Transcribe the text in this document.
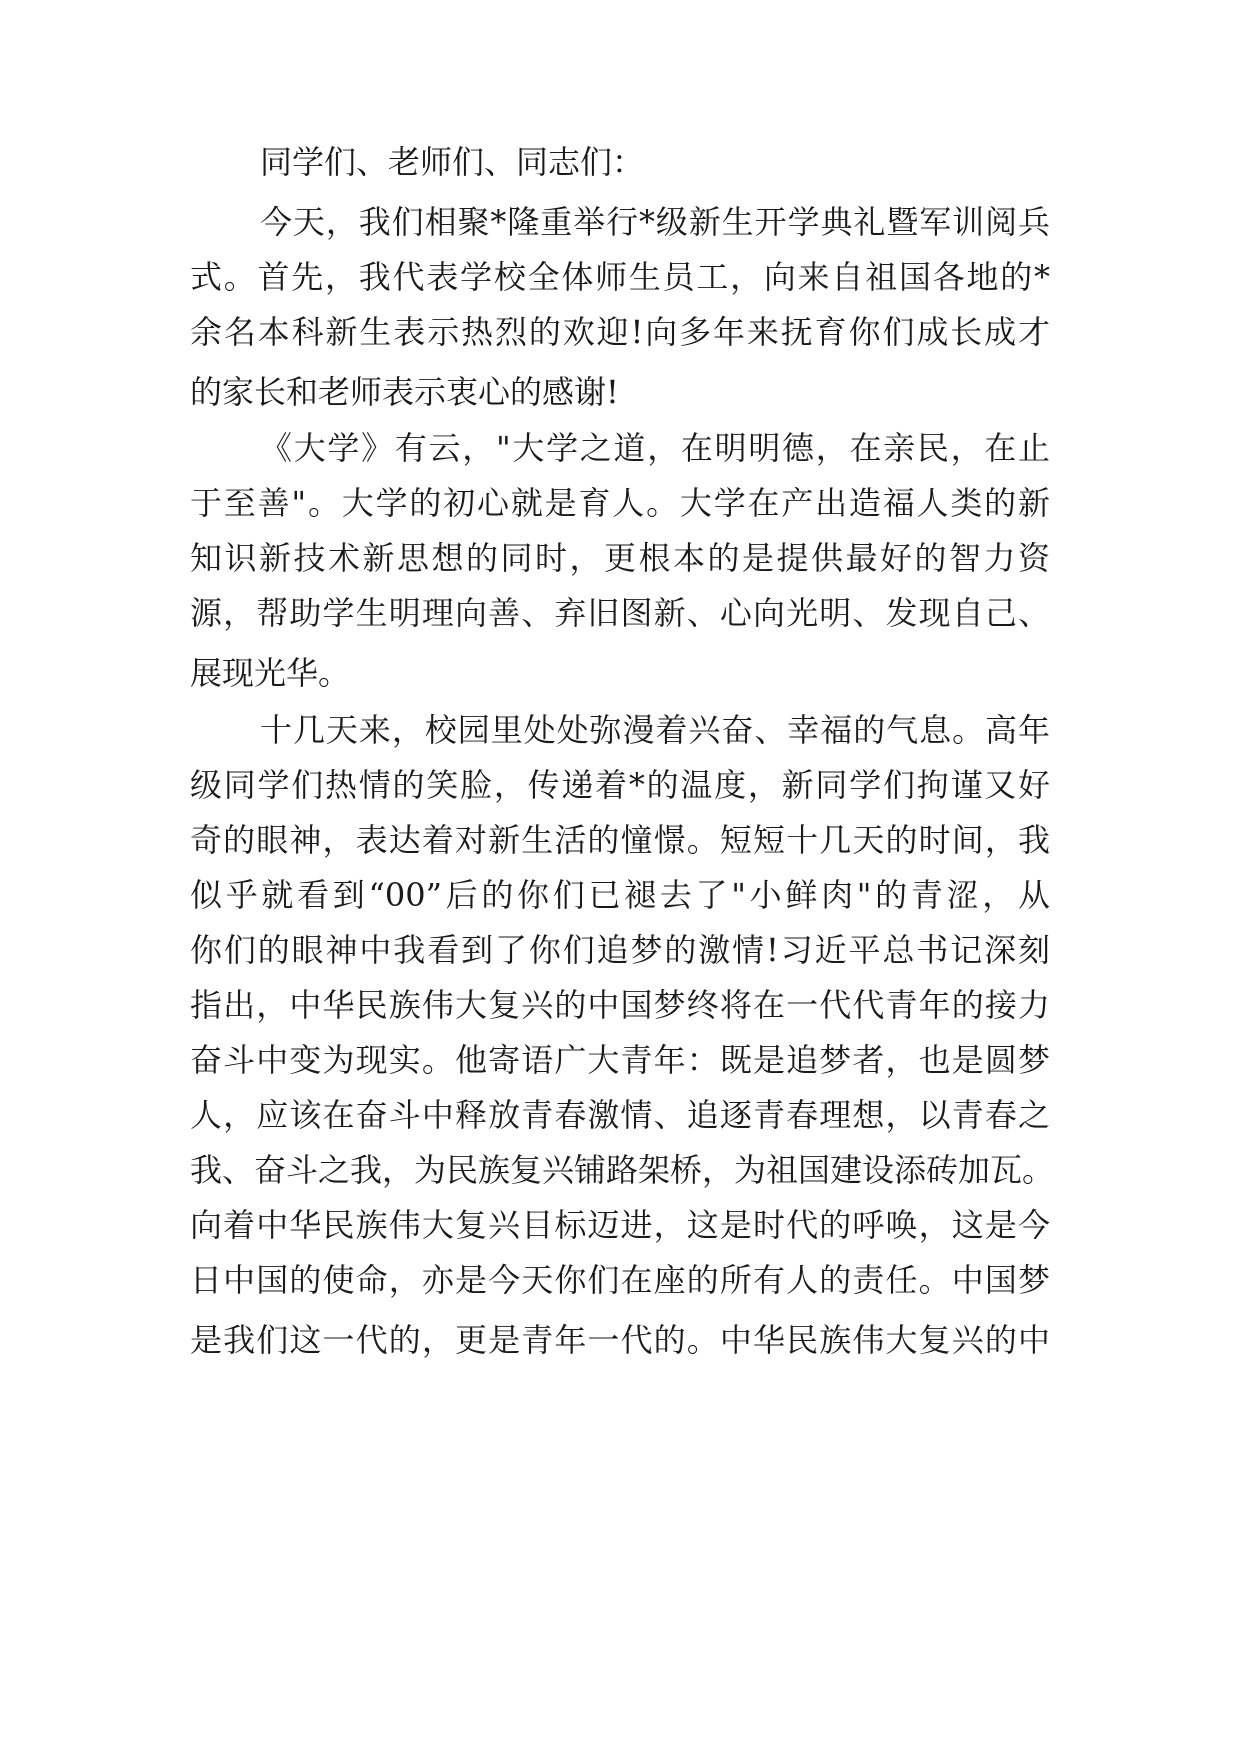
同学们、老师们、同志们：
今天，我们相聚*隆重举行*级新生开学典礼暨军训阅兵
式。首先，我代表学校全体师生员工，向来自祖国各地的*
余名本科新生表示热烈的欢迎!向多年来抚育你们成长成才
的家长和老师表示衷心的感谢!
《大学》有云，"大学之道，在明明德，在亲民，在止
于至善"。大学的初心就是育人。大学在产出造福人类的新
知识新技术新思想的同时，更根本的是提供最好的智力资
源，帮助学生明理向善、弃旧图新、心向光明、发现自己、
展现光华。
十几天来，校园里处处弥漫着兴奋、幸福的气息。高年
级同学们热情的笑脸，传递着*的温度，新同学们拘谨又好
奇的眼神，表达着对新生活的憧憬。短短十几天的时间，我
似乎就看到“00”后的你们已褪去了"小鲜肉"的青涩，从
你们的眼神中我看到了你们追梦的激情!习近平总书记深刻
指出，中华民族伟大复兴的中国梦终将在一代代青年的接力
奋斗中变为现实。他寄语广大青年：既是追梦者，也是圆梦
人，应该在奋斗中释放青春激情、追逐青春理想，以青春之
我、奋斗之我，为民族复兴铺路架桥，为祖国建设添砖加瓦。
向着中华民族伟大复兴目标迈进，这是时代的呼唤，这是今
日中国的使命，亦是今天你们在座的所有人的责任。中国梦
是我们这一代的，更是青年一代的。中华民族伟大复兴的中
